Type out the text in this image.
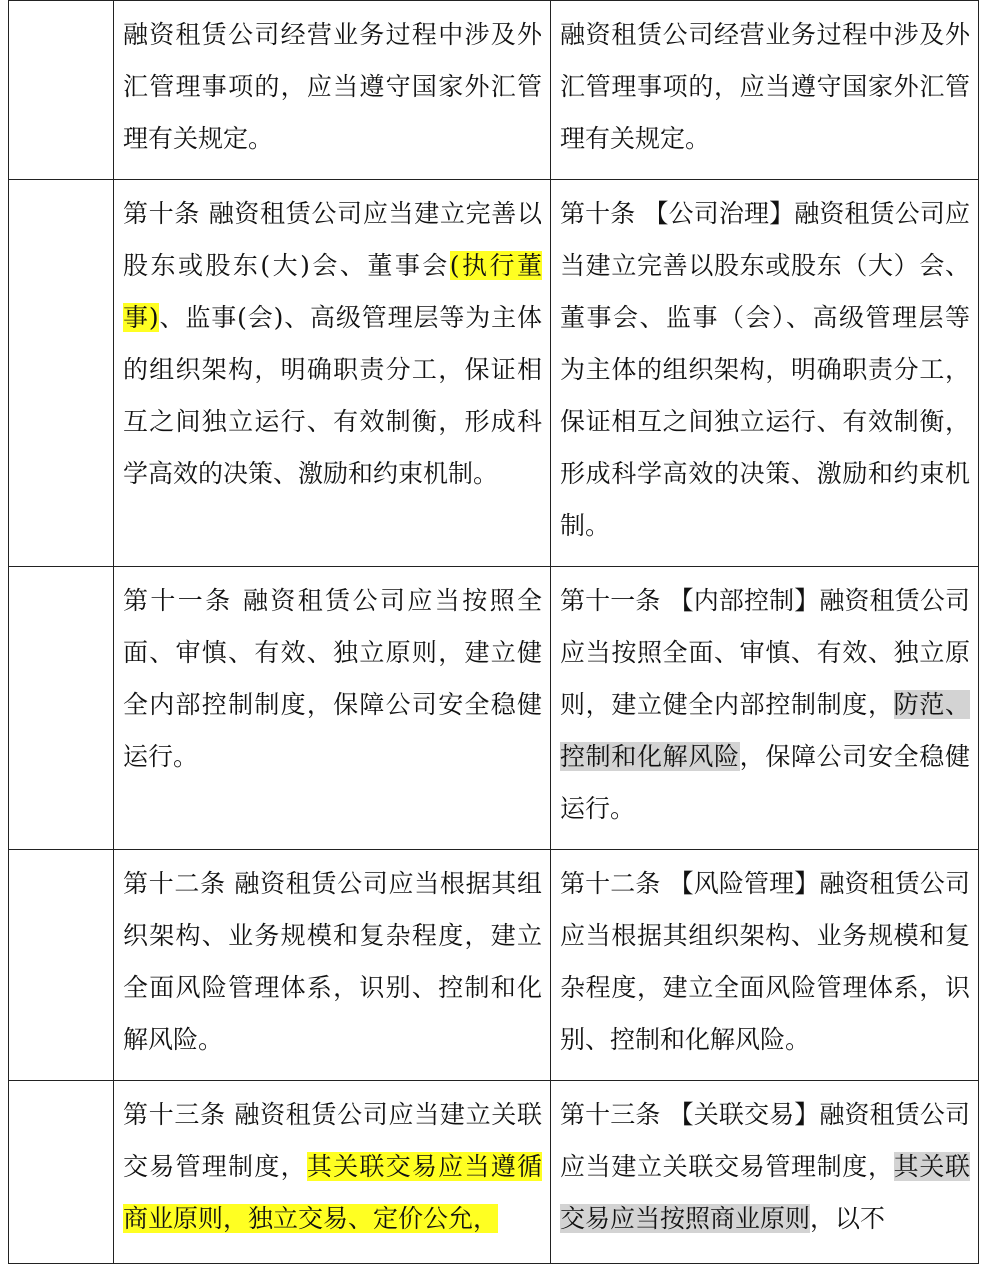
	融资租赁公司经营业务过程中涉及外汇管理事项的，应当遵守国家外汇管理有关规定。	融资租赁公司经营业务过程中涉及外汇管理事项的，应当遵守国家外汇管理有关规定。
	第十条 融资租赁公司应当建立完善以股东或股东(大)会、董事会(执行董事)、监事(会)、高级管理层等为主体的组织架构，明确职责分工，保证相互之间独立运行、有效制衡，形成科学高效的决策、激励和约束机制。	第十条 【公司治理】融资租赁公司应当建立完善以股东或股东（大）会、董事会、监事（会）、高级管理层等为主体的组织架构，明确职责分工，保证相互之间独立运行、有效制衡，形成科学高效的决策、激励和约束机制。
	第十一条 融资租赁公司应当按照全面、审慎、有效、独立原则，建立健全内部控制制度，保障公司安全稳健运行。	第十一条 【内部控制】融资租赁公司应当按照全面、审慎、有效、独立原则，建立健全内部控制制度，防范、控制和化解风险，保障公司安全稳健运行。
	第十二条 融资租赁公司应当根据其组织架构、业务规模和复杂程度，建立全面风险管理体系，识别、控制和化解风险。	第十二条 【风险管理】融资租赁公司应当根据其组织架构、业务规模和复杂程度，建立全面风险管理体系，识别、控制和化解风险。
	第十三条 融资租赁公司应当建立关联交易管理制度，其关联交易应当遵循商业原则，独立交易、定价公允，	第十三条 【关联交易】融资租赁公司应当建立关联交易管理制度，其关联交易应当按照商业原则，以不
